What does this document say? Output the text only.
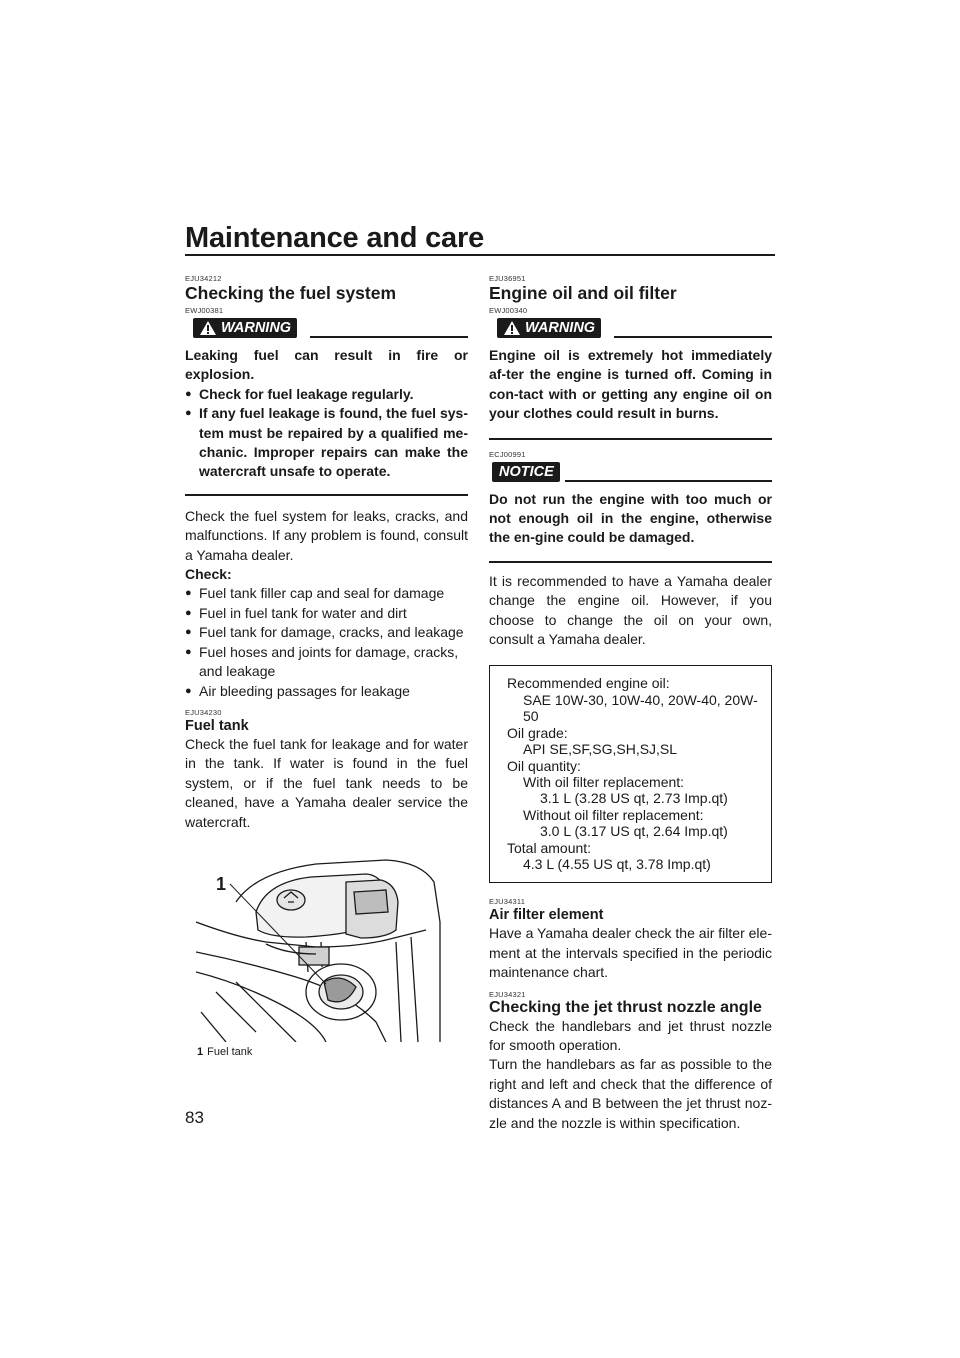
Maintenance and care
EJU34212
Checking the fuel system
EWJ00381
WARNING
Leaking fuel can result in fire or explosion.
● Check for fuel leakage regularly.
● If any fuel leakage is found, the fuel sys-tem must be repaired by a qualified me-chanic. Improper repairs can make the watercraft unsafe to operate.
Check the fuel system for leaks, cracks, and malfunctions. If any problem is found, consult a Yamaha dealer.
Check:
● Fuel tank filler cap and seal for damage
● Fuel in fuel tank for water and dirt
● Fuel tank for damage, cracks, and leakage
● Fuel hoses and joints for damage, cracks, and leakage
● Air bleeding passages for leakage
EJU34230
Fuel tank
Check the fuel tank for leakage and for water in the tank. If water is found in the fuel system, or if the fuel tank needs to be cleaned, have a Yamaha dealer service the watercraft.
1
1 Fuel tank
EJU36951
Engine oil and oil filter
EWJ00340
WARNING
Engine oil is extremely hot immediately af-ter the engine is turned off. Coming in con-tact with or getting any engine oil on your clothes could result in burns.
ECJ00991
NOTICE
Do not run the engine with too much or not enough oil in the engine, otherwise the en-gine could be damaged.
It is recommended to have a Yamaha dealer change the engine oil. However, if you choose to change the oil on your own, consult a Yamaha dealer.
Recommended engine oil:
SAE 10W-30, 10W-40, 20W-40, 20W-50
Oil grade:
API SE,SF,SG,SH,SJ,SL
Oil quantity:
With oil filter replacement:
3.1 L (3.28 US qt, 2.73 Imp.qt)
Without oil filter replacement:
3.0 L (3.17 US qt, 2.64 Imp.qt)
Total amount:
4.3 L (4.55 US qt, 3.78 Imp.qt)
EJU34311
Air filter element
Have a Yamaha dealer check the air filter ele-ment at the intervals specified in the periodic maintenance chart.
EJU34321
Checking the jet thrust nozzle angle
Check the handlebars and jet thrust nozzle for smooth operation.
Turn the handlebars as far as possible to the right and left and check that the difference of distances A and B between the jet thrust noz-zle and the nozzle is within specification.
83
